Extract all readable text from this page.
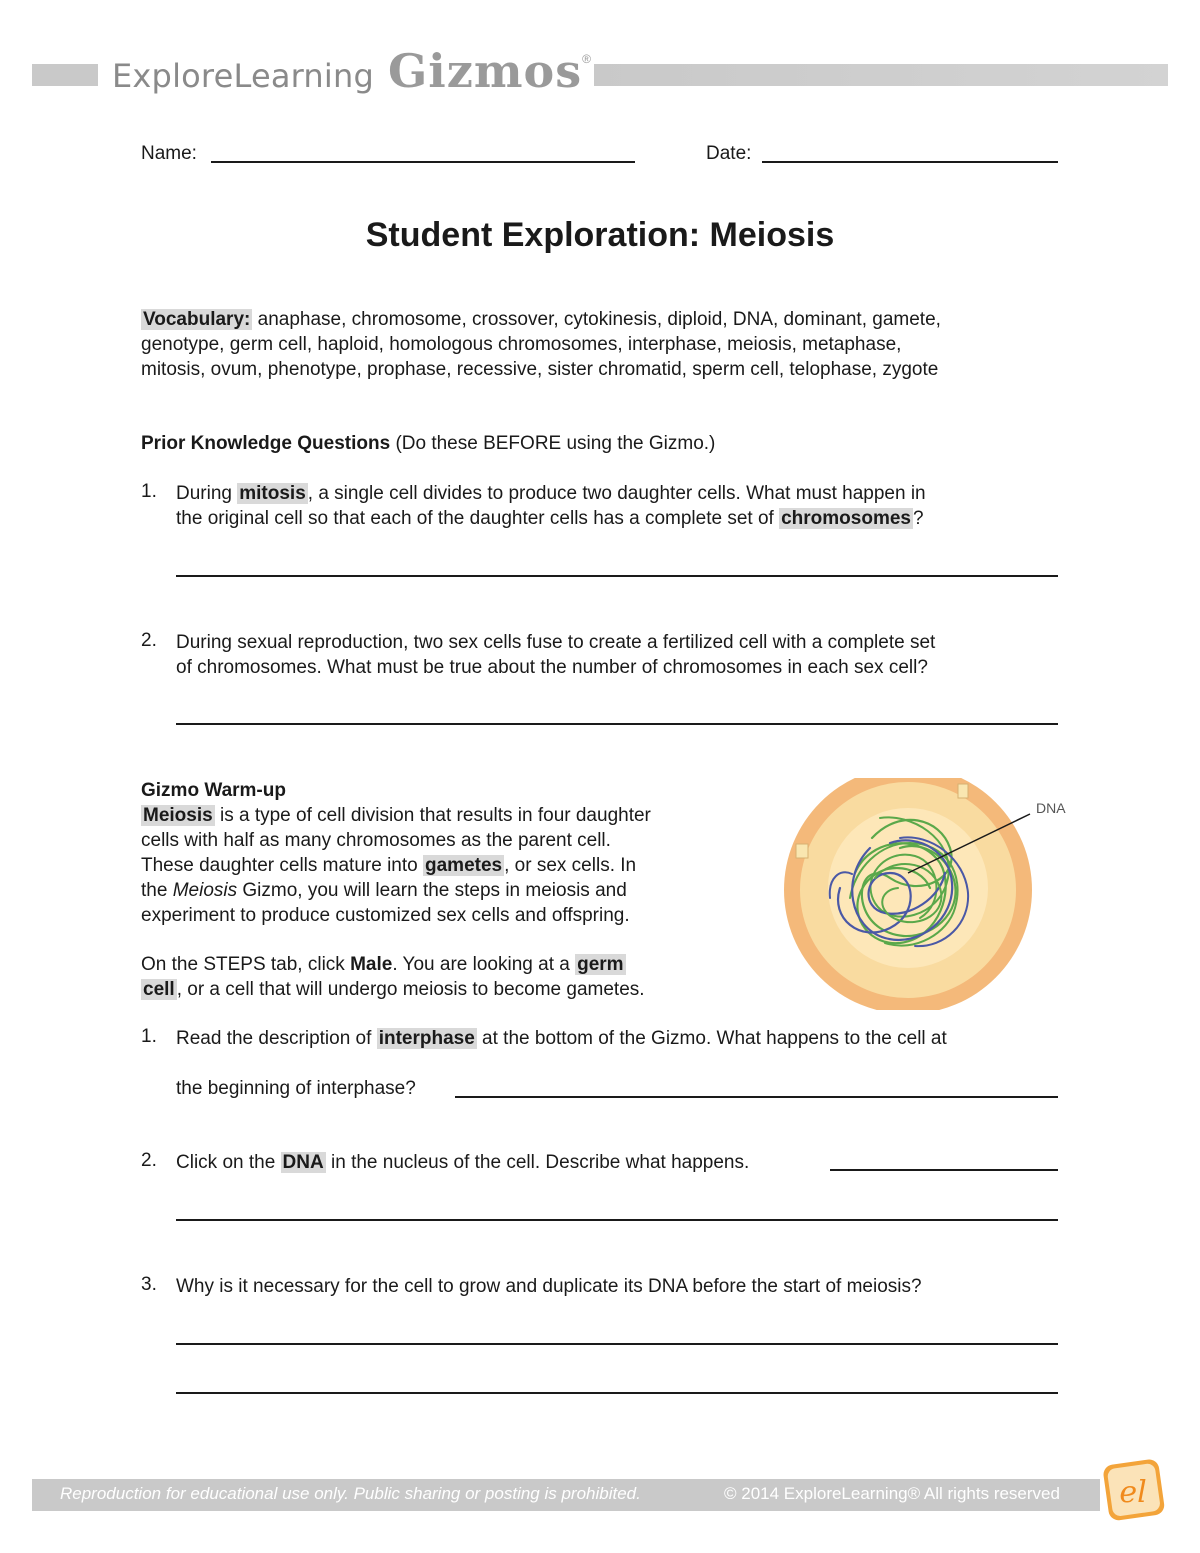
ExploreLearning Gizmos ®
Name:	Date:
Student Exploration: Meiosis
Vocabulary: anaphase, chromosome, crossover, cytokinesis, diploid, DNA, dominant, gamete,
genotype, germ cell, haploid, homologous chromosomes, interphase, meiosis, metaphase,
mitosis, ovum, phenotype, prophase, recessive, sister chromatid, sperm cell, telophase, zygote
Prior Knowledge Questions (Do these BEFORE using the Gizmo.)
1. During mitosis , a single cell divides to produce two daughter cells. What must happen in
the original cell so that each of the daughter cells has a complete set of chromosomes ?
2. During sexual reproduction, two sex cells fuse to create a fertilized cell with a complete set
of chromosomes. What must be true about the number of chromosomes in each sex cell?
Gizmo Warm-up
Meiosis is a type of cell division that results in four daughter
cells with half as many chromosomes as the parent cell.
These daughter cells mature into gametes , or sex cells. In
the Meiosis Gizmo, you will learn the steps in meiosis and
experiment to produce customized sex cells and offspring.
On the STEPS tab, click Male. You are looking at a germ
cell , or a cell that will undergo meiosis to become gametes.
DNA
1. Read the description of interphase at the bottom of the Gizmo. What happens to the cell at
the beginning of interphase?
2. Click on the DNA in the nucleus of the cell. Describe what happens.
3. Why is it necessary for the cell to grow and duplicate its DNA before the start of meiosis?
Reproduction for educational use only. Public sharing or posting is prohibited.	© 2014 ExploreLearning® All rights reserved el
